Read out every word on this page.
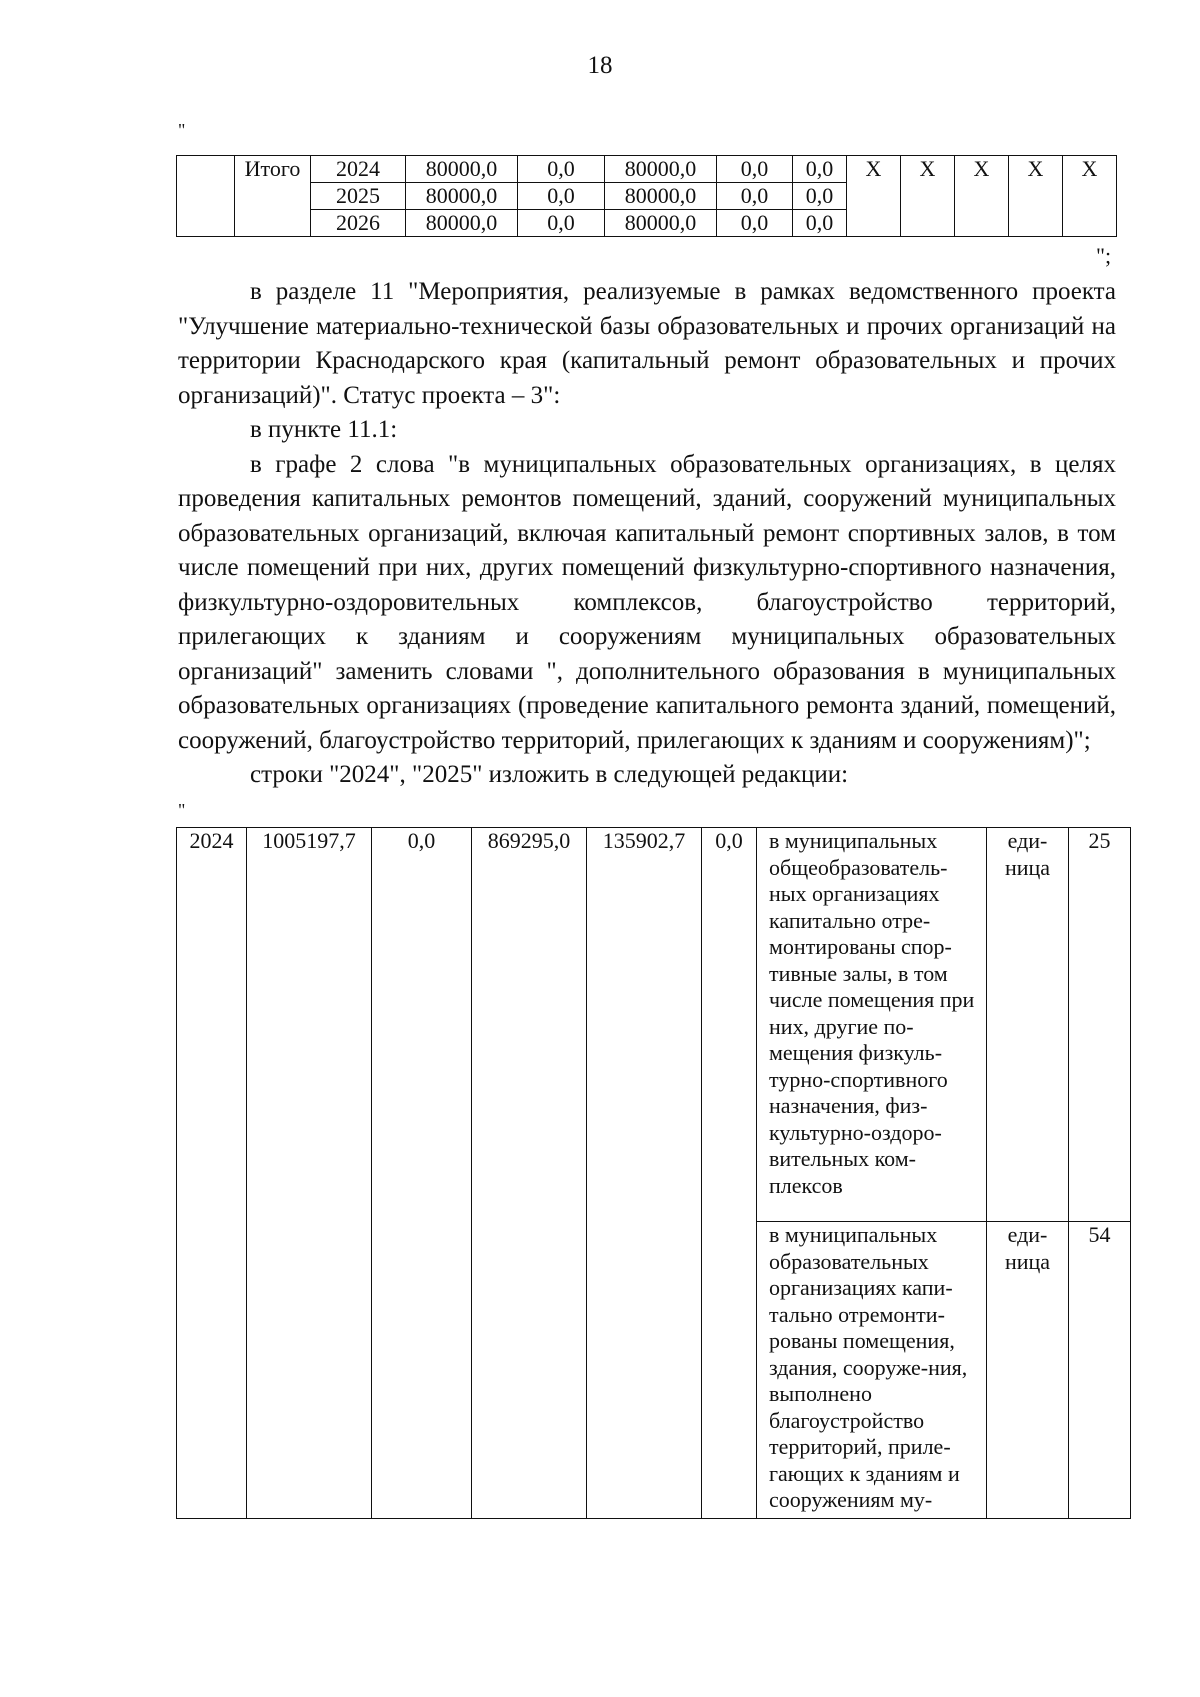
18
"
	Итого	2024	80000,0	0,0	80000,0	0,0	0,0	Х	Х	Х	Х	Х
		2025	80000,0	0,0	80000,0	0,0	0,0					
		2026	80000,0	0,0	80000,0	0,0	0,0					
";

в разделе 11 "Мероприятия, реализуемые в рамках ведомственного проекта "Улучшение материально-технической базы образовательных и прочих организаций на территории Краснодарского края (капитальный ремонт образовательных и прочих организаций)". Статус проекта – 3":

в пункте 11.1:

в графе 2 слова "в муниципальных образовательных организациях, в целях проведения капитальных ремонтов помещений, зданий, сооружений муниципальных образовательных организаций, включая капитальный ремонт спортивных залов, в том числе помещений при них, других помещений физкультурно-спортивного назначения, физкультурно-оздоровительных комплексов, благоустройство территорий, прилегающих к зданиям и сооружениям муниципальных образовательных организаций" заменить словами ", дополнительного образования в муниципальных образовательных организациях (проведение капитального ремонта зданий, помещений, сооружений, благоустройство территорий, прилегающих к зданиям и сооружениям)";

строки "2024", "2025" изложить в следующей редакции:

"
2024	1005197,7	0,0	869295,0	135902,7	0,0	в муниципальных общеобразователь-ных организациях капитально отре-монтированы спор-тивные залы, в том числе помещения при них, другие по-мещения физкуль-турно-спортивного назначения, физ-культурно-оздоро-вительных ком-плексов	еди-ница	25
						в муниципальных образовательных организациях капи-тально отремонти-рованы помещения, здания, сооруже-ния, выполнено благоустройство территорий, приле-гающих к зданиям и сооружениям му-	еди-ница	54
